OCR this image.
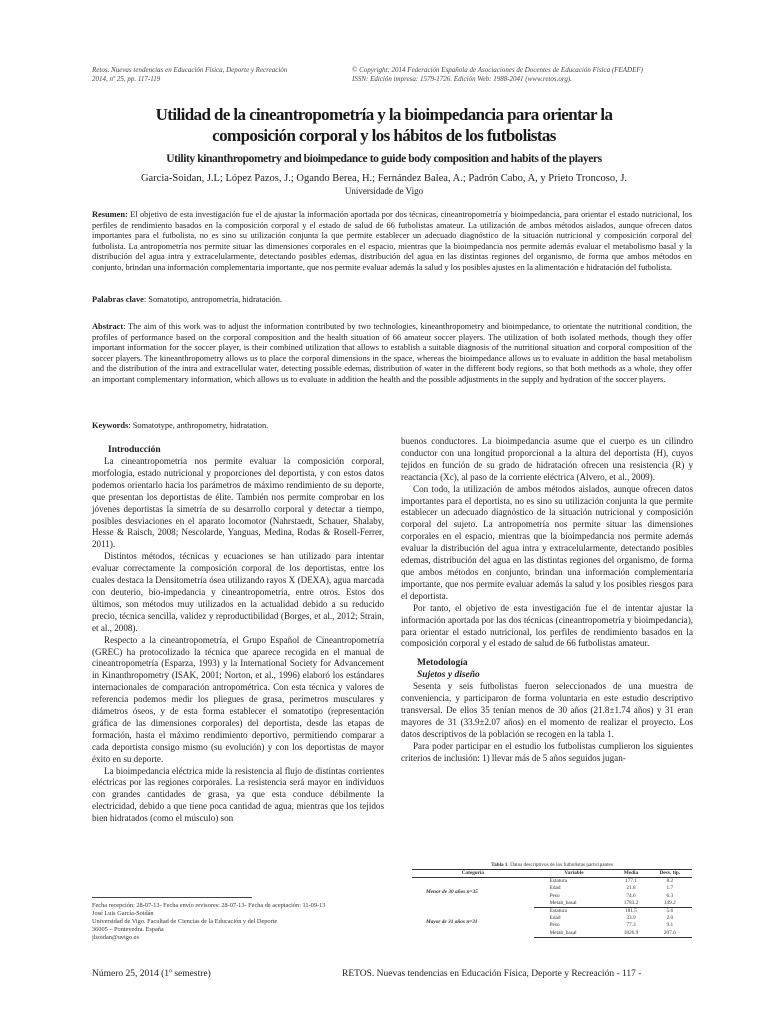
Retos. Nuevas tendencias en Educación Física, Deporte y Recreación
2014, nº 25, pp. 117-119
© Copyright: 2014 Federación Española de Asociaciones de Docentes de Educación Física (FEADEF)
ISSN: Edición impresa: 1579-1726. Edición Web: 1988-2041 (www.retos.org).
Utilidad de la cineantropometría y la bioimpedancia para orientar la
composición corporal y los hábitos de los futbolistas
Utility kinanthropometry and bioimpedance to guide body composition and habits of the players
Garcia-Soidan, J.L; López Pazos, J.; Ogando Berea, H.; Fernández Balea, A.; Padrón Cabo, A, y Prieto Troncoso, J.
Universidade de Vigo
Resumen: El objetivo de esta investigación fue el de ajustar la información aportada por dos técnicas, cineantropometría y bioimpedancia, para orientar el estado nutricional, los perfiles de rendimiento basados en la composición corporal y el estado de salud de 66 futbolistas amateur. La utilización de ambos métodos aislados, aunque ofrecen datos importantes para el futbolista, no es sino su utilización conjunta la que permite establecer un adecuado diagnóstico de la situación nutricional y composición corporal del futbolista. La antropometría nos permite situar las dimensiones corporales en el espacio, mientras que la bioimpedancia nos permite además evaluar el metabolismo basal y la distribución del agua intra y extracelularmente, detectando posibles edemas, distribución del agua en las distintas regiones del organismo, de forma que ambos métodos en conjunto, brindan una información complementaria importante, que nos permite evaluar además la salud y los posibles ajustes en la alimentación e hidratación del futbolista.
Palabras clave: Somatotipo, antropometría, hidratación.
Abstract: The aim of this work was to adjust the information contributed by two technologies, kineanthropometry and bioimpedance, to orientate the nutritional condition, the profiles of performance based on the corporal composition and the health situation of 66 amateur soccer players. The utilization of both isolated methods, though they offer important information for the soccer player, is their combined utilization that allows to establish a suitable diagnosis of the nutritional situation and corporal composition of the soccer players. The kineanthropometry allows us to place the corporal dimensions in the space, whereas the bioimpedance allows us to evaluate in addition the basal metabolism and the distribution of the intra and extracellular water, detecting possible edemas, distribution of water in the different body regions, so that both methods as a whole, they offer an important complementary information, which allows us to evaluate in addition the health and the possible adjustments in the supply and hydration of the soccer players.
Keywords: Somatotype, anthropometry, hidratation.
Introducción

La cineantropometría nos permite evaluar la composición corporal, morfología, estado nutricional y proporciones del deportista, y con estos datos podemos orientarlo hacia los parámetros de máximo rendimiento de su deporte, que presentan los deportistas de élite. También nos permite comprobar en los jóvenes deportistas la simetría de su desarrollo corporal y detectar a tiempo, posibles desviaciones en el aparato locomotor (Nahrstaedt, Schauer, Shalaby, Hesse & Raisch, 2008; Nescolarde, Yanguas, Medina, Rodas & Rosell-Ferrer, 2011).

Distintos métodos, técnicas y ecuaciones se han utilizado para intentar evaluar correctamente la composición corporal de los deportistas, entre los cuales destaca la Densitometría ósea utilizando rayos X (DEXA), agua marcada con deuterio, bio-impedancia y cineantropometría, entre otros. Estos dos últimos, son métodos muy utilizados en la actualidad debido a su reducido precio, técnica sencilla, validez y reproductibilidad (Borges, et al., 2012; Strain, et al., 2008).

Respecto a la cineantropometría, el Grupo Español de Cineantropometría (GREC) ha protocolizado la técnica que aparece recogida en el manual de cineantropometría (Esparza, 1993) y la International Society for Advancement in Kinanthropometry (ISAK, 2001; Norton, et al., 1996) elaboró los estándares internacionales de comparación antropométrica. Con esta técnica y valores de referencia podemos medir los pliegues de grasa, perímetros musculares y diámetros óseos, y de esta forma establecer el somatotipo (representación gráfica de las dimensiones corporales) del deportista, desde las etapas de formación, hasta el máximo rendimiento deportivo, permitiendo comparar a cada deportista consigo mismo (su evolución) y con los deportistas de mayor éxito en su deporte.

La bioimpedancia eléctrica mide la resistencia al flujo de distintas corrientes eléctricas por las regiones corporales. La resistencia será mayor en individuos con grandes cantidades de grasa, ya que esta conduce débilmente la electricidad, debido a que tiene poca cantidad de agua, mientras que los tejidos bien hidratados (como el músculo) son

buenos conductores. La bioimpedancia asume que el cuerpo es un cilindro conductor con una longitud proporcional a la altura del deportista (H), cuyos tejidos en función de su grado de hidratación ofrecen una resistencia (R) y reactancia (Xc), al paso de la corriente eléctrica (Alvero, et al., 2009).

Con todo, la utilización de ambos métodos aislados, aunque ofrecen datos importantes para el deportista, no es sino su utilización conjunta la que permite establecer un adecuado diagnóstico de la situación nutricional y composición corporal del sujeto. La antropometría nos permite situar las dimensiones corporales en el espacio, mientras que la bioimpedancia nos permite además evaluar la distribución del agua intra y extracelularmente, detectando posibles edemas, distribución del agua en las distintas regiones del organismo, de forma que ambos métodos en conjunto, brindan una información complementaria importante, que nos permite evaluar además la salud y los posibles riesgos para el deportista.

Por tanto, el objetivo de esta investigación fue el de intentar ajustar la información aportada por las dos técnicas (cineantropometría y bioimpedancia), para orientar el estado nutricional, los perfiles de rendimiento basados en la composición corporal y el estado de salud de 66 futbolistas amateur.

Metodología
Sujetos y diseño

Sesenta y seis futbolistas fueron seleccionados de una muestra de conveniencia, y participaron de forma voluntaria en este estudio descriptivo transversal. De ellos 35 tenían menos de 30 años (21.8±1.74 años) y 31 eran mayores de 31 (33.9±2.07 años) en el momento de realizar el proyecto. Los datos descriptivos de la población se recogen en la tabla 1.

Para poder participar en el estudio los futbolistas cumplieron los siguientes criterios de inclusión: 1) llevar más de 5 años seguidos jugan-

Tabla 1. Datos descriptivos de los futbolistas participantes
Categoría	Variable	Media	Desv. tip.
Menor de 30 años n=35	Estatura	177.1	8.2
	Edad	21.8	1.7
	Peso	74.6	6.3
	Metab_basal	1783.2	149.2
Mayor de 31 años n=31	Estatura	181.5	5.6
	Edad	33.9	2.0
	Peso	77.3	9.1
	Metab_basal	1826.9	207.6
Fecha recepción: 28-07-13- Fecha envío revisores: 28-07-13- Fecha de aceptación: 11-09-13
José Luis García-Soidán
Universidad de Vigo. Facultad de Ciencias de la Educación y del Deporte
36005 – Pontevedra. España
jlsoidan@uvigo.es
Número 25, 2014 (1º semestre)	RETOS. Nuevas tendencias en Educación Física, Deporte y Recreación - 117 -
